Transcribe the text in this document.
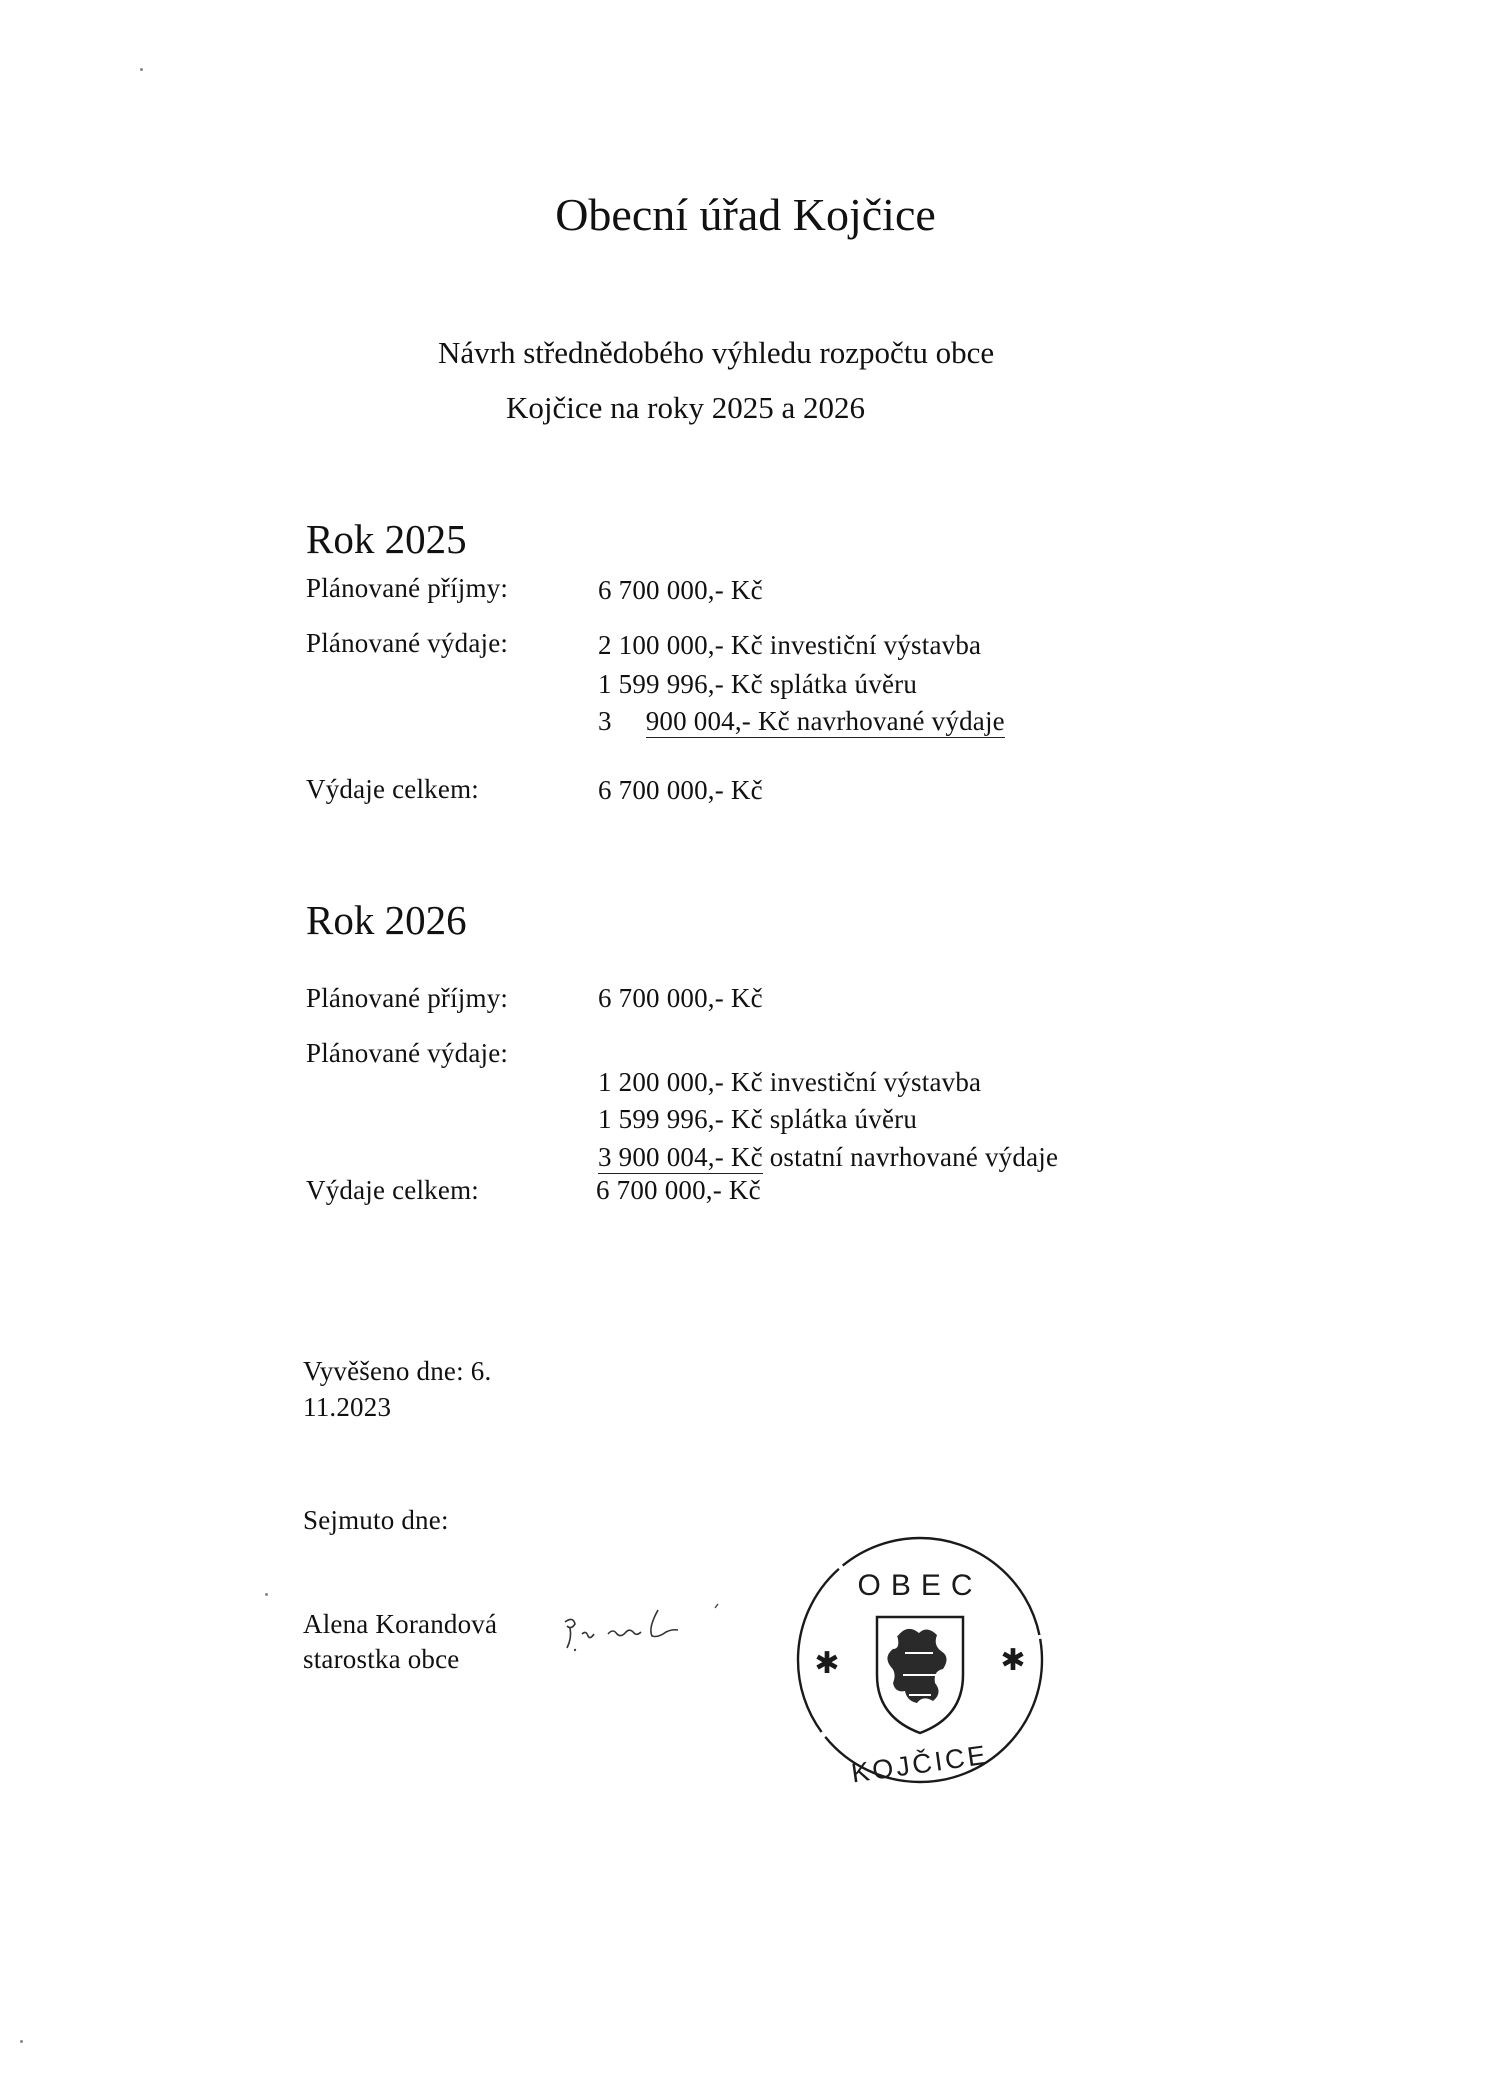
Obecní úřad Kojčice
Návrh střednědobého výhledu rozpočtu obce
Kojčice na roky 2025 a 2026
Rok 2025
Plánované příjmy:	6 700 000,- Kč
Plánované výdaje:	2 100 000,- Kč investiční výstavba
1 599 996,- Kč splátka úvěru
3 900 004,- Kč navrhované výdaje
Výdaje celkem:	6 700 000,- Kč
Rok 2026
Plánované příjmy:	6 700 000,- Kč
Plánované výdaje:
1 200 000,- Kč investiční výstavba
1 599 996,- Kč splátka úvěru
3 900 004,- Kč ostatní navrhované výdaje
Výdaje celkem:	6 700 000,- Kč
Vyvěšeno dne: 6.
11.2023
Sejmuto dne:
Alena Korandová
starostka obce
OBEC
KOJČICE
✱	✱
